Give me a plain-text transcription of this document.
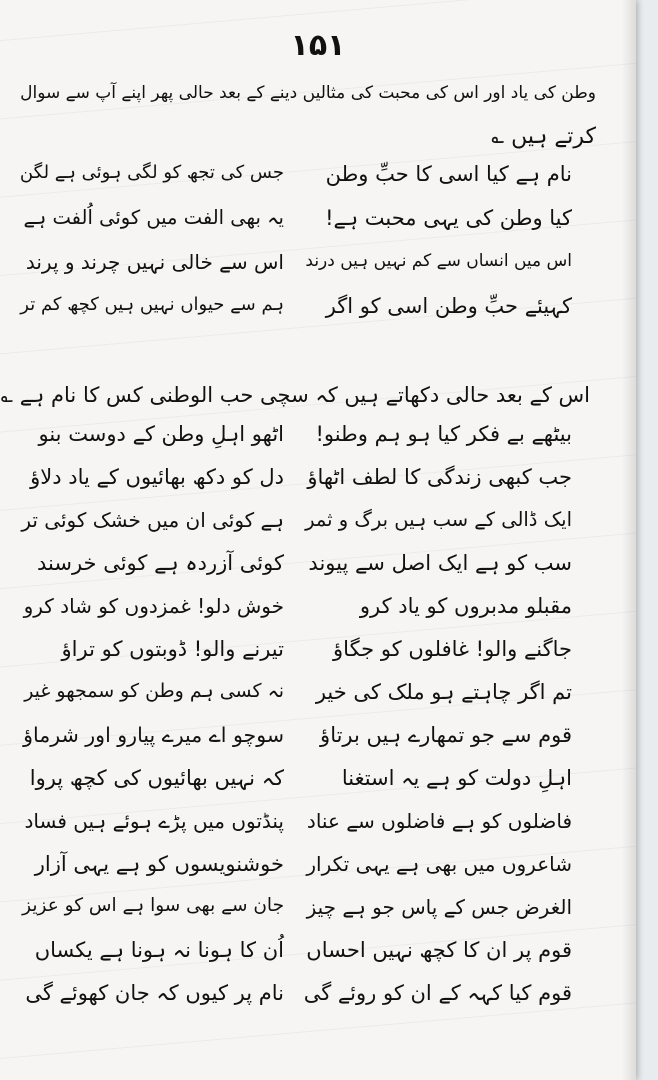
۱۵۱
وطن کی یاد اور اس کی محبت کی مثالیں دینے کے بعد حالی پھر اپنے آپ سے سوال
کرتے ہیں ؎
نام ہے کیا اسی کا حبِّ وطن
کیا وطن کی یہی محبت ہے!
اس میں انساں سے کم نہیں ہیں درند
کہیئے حبِّ وطن اسی کو اگر
جس کی تجھ کو لگی ہوئی ہے لگن
یہ بھی الفت میں کوئی اُلفت ہے
اس سے خالی نہیں چرند و پرند
ہم سے حیواں نہیں ہیں کچھ کم تر
اس کے بعد حالی دکھاتے ہیں کہ سچی حب الوطنی کس کا نام ہے ؎
بیٹھے بے فکر کیا ہو ہم وطنو!
جب کبھی زندگی کا لطف اٹھاؤ
ایک ڈالی کے سب ہیں برگ و ثمر
سب کو ہے ایک اصل سے پیوند
مقبلو مدبروں کو یاد کرو
جاگنے والو! غافلوں کو جگاؤ
تم اگر چاہتے ہو ملک کی خیر
قوم سے جو تمھارے ہیں برتاؤ
اہلِ دولت کو ہے یہ استغنا
فاضلوں کو ہے فاضلوں سے عناد
شاعروں میں بھی ہے یہی تکرار
الغرض جس کے پاس جو ہے چیز
قوم پر ان کا کچھ نہیں احساں
قوم کیا کہہ کے ان کو روئے گی
اٹھو اہلِ وطن کے دوست بنو
دل کو دکھ بھائیوں کے یاد دلاؤ
ہے کوئی ان میں خشک کوئی تر
کوئی آزردہ ہے کوئی خرسند
خوش دلو! غمزدوں کو شاد کرو
تیرنے والو! ڈوبتوں کو تراؤ
نہ کسی ہم وطن کو سمجھو غیر
سوچو اے میرے پیارو اور شرماؤ
کہ نہیں بھائیوں کی کچھ پروا
پنڈتوں میں پڑے ہوئے ہیں فساد
خوشنویسوں کو ہے یہی آزار
جان سے بھی سوا ہے اس کو عزیز
اُن کا ہونا نہ ہونا ہے یکساں
نام پر کیوں کہ جان کھوئے گی
